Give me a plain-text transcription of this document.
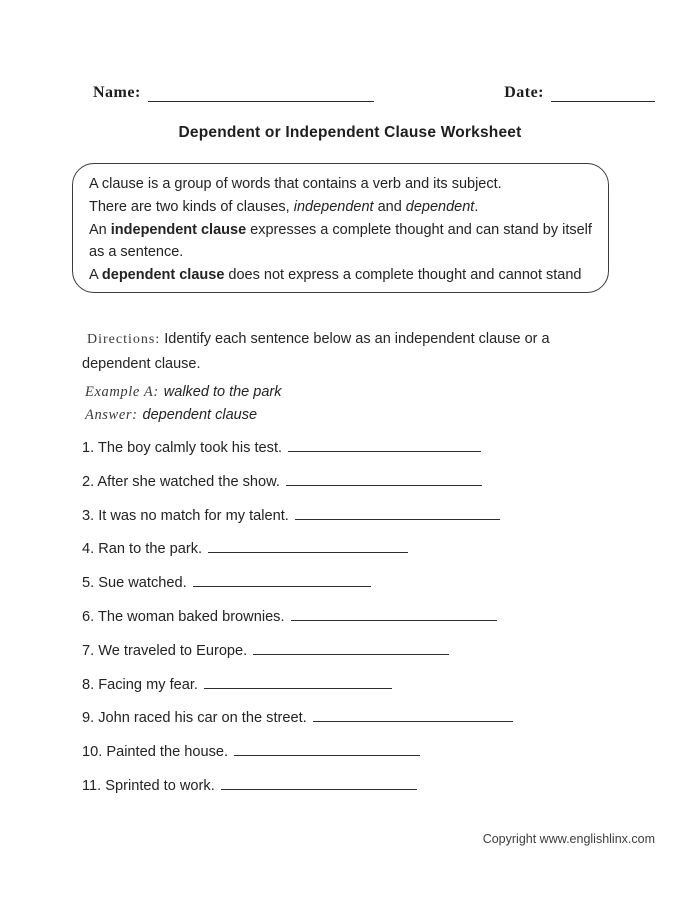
Name:	Date:
Dependent or Independent Clause Worksheet
A clause is a group of words that contains a verb and its subject.
There are two kinds of clauses, independent and dependent.
An independent clause expresses a complete thought and can stand by itself
as a sentence.
A dependent clause does not express a complete thought and cannot stand
Directions: Identify each sentence below as an independent clause or a
dependent clause.
Example A: walked to the park
Answer: dependent clause
1. The boy calmly took his test.
2. After she watched the show.
3. It was no match for my talent.
4. Ran to the park.
5. Sue watched.
6. The woman baked brownies.
7. We traveled to Europe.
8. Facing my fear.
9. John raced his car on the street.
10. Painted the house.
11. Sprinted to work.
Copyright www.englishlinx.com
